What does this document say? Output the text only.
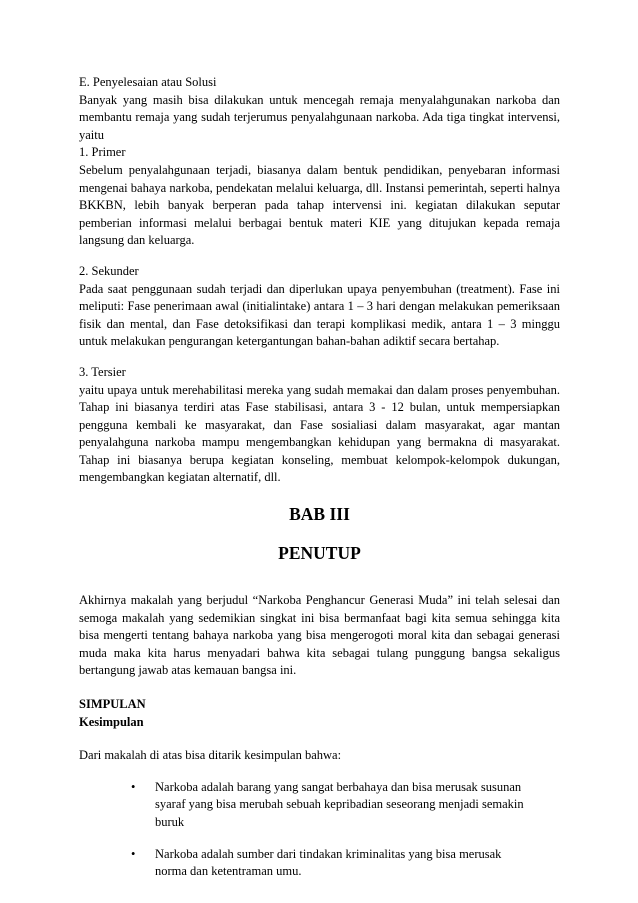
E. Penyelesaian atau Solusi

Banyak yang masih bisa dilakukan untuk mencegah remaja menyalahgunakan narkoba dan membantu remaja yang sudah terjerumus penyalahgunaan narkoba. Ada tiga tingkat intervensi, yaitu

1. Primer

Sebelum penyalahgunaan terjadi, biasanya dalam bentuk pendidikan, penyebaran informasi mengenai bahaya narkoba, pendekatan melalui keluarga, dll. Instansi pemerintah, seperti halnya BKKBN, lebih banyak berperan pada tahap intervensi ini. kegiatan dilakukan seputar pemberian informasi melalui berbagai bentuk materi KIE yang ditujukan kepada remaja langsung dan keluarga.

2. Sekunder

Pada saat penggunaan sudah terjadi dan diperlukan upaya penyembuhan (treatment). Fase ini meliputi: Fase penerimaan awal (initialintake) antara 1 – 3 hari dengan melakukan pemeriksaan fisik dan mental, dan Fase detoksifikasi dan terapi komplikasi medik, antara 1 – 3 minggu untuk melakukan pengurangan ketergantungan bahan-bahan adiktif secara bertahap.

3. Tersier

yaitu upaya untuk merehabilitasi mereka yang sudah memakai dan dalam proses penyembuhan. Tahap ini biasanya terdiri atas Fase stabilisasi, antara 3 - 12 bulan, untuk mempersiapkan pengguna kembali ke masyarakat, dan Fase sosialiasi dalam masyarakat, agar mantan penyalahguna narkoba mampu mengembangkan kehidupan yang bermakna di masyarakat. Tahap ini biasanya berupa kegiatan konseling, membuat kelompok-kelompok dukungan, mengembangkan kegiatan alternatif, dll.

BAB III

PENUTUP

Akhirnya makalah yang berjudul “Narkoba Penghancur Generasi Muda” ini telah selesai dan semoga makalah yang sedemikian singkat ini bisa bermanfaat bagi kita semua sehingga kita bisa mengerti tentang bahaya narkoba yang bisa mengerogoti moral kita dan sebagai generasi muda maka kita harus menyadari bahwa kita sebagai tulang punggung bangsa sekaligus bertangung jawab atas kemauan bangsa ini.

SIMPULAN

Kesimpulan

Dari makalah di atas bisa ditarik kesimpulan bahwa:

• Narkoba adalah barang yang sangat berbahaya dan bisa merusak susunan syaraf yang bisa merubah sebuah kepribadian seseorang menjadi semakin buruk
• Narkoba adalah sumber dari tindakan kriminalitas yang bisa merusak norma dan ketentraman umu.
